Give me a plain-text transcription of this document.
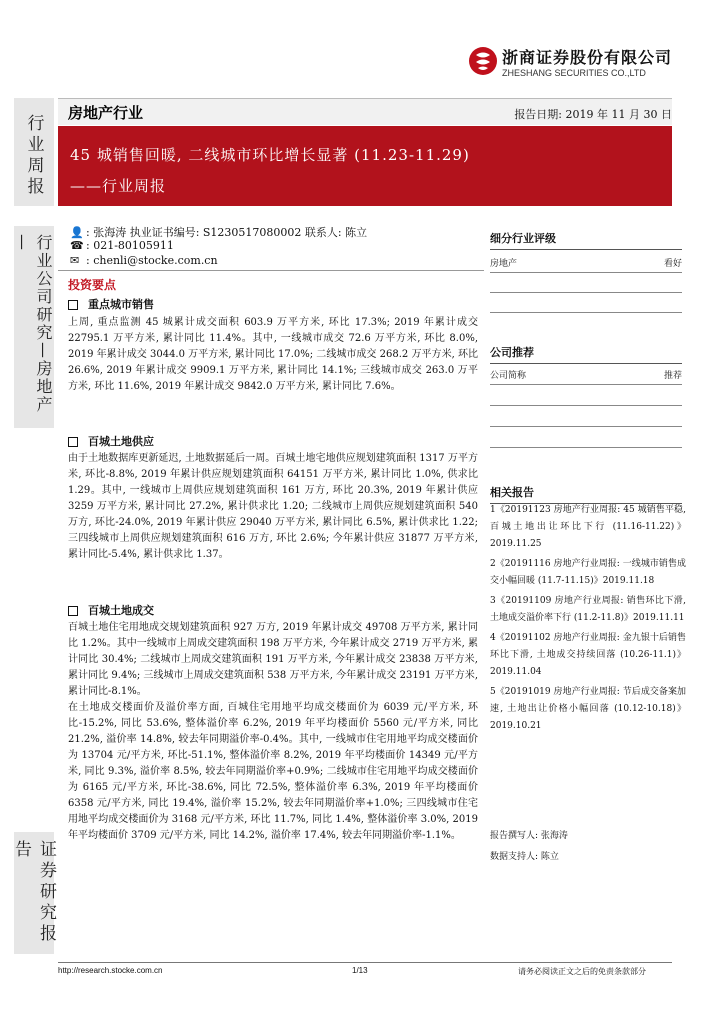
浙商证券股份有限公司
ZHESHANG SECURITIES CO.,LTD
行业周报
行业公司研究—房地产—
证券研究报告
房地产行业	报告日期: 2019 年 11 月 30 日
45 城销售回暖, 二线城市环比增长显著 (11.23-11.29)
——行业周报
👤 : 张海涛 执业证书编号: S1230517080002 联系人: 陈立
☎ : 021-80105911
✉ : chenli@stocke.com.cn
投资要点
重点城市销售

上周, 重点监测 45 城累计成交面积 603.9 万平方米, 环比 17.3%; 2019 年累计成交 22795.1 万平方米, 累计同比 11.4%。其中, 一线城市成交 72.6 万平方米, 环比 8.0%, 2019 年累计成交 3044.0 万平方米, 累计同比 17.0%; 二线城市成交 268.2 万平方米, 环比 26.6%, 2019 年累计成交 9909.1 万平方米, 累计同比 14.1%; 三线城市成交 263.0 万平方米, 环比 11.6%, 2019 年累计成交 9842.0 万平方米, 累计同比 7.6%。

百城土地供应

由于土地数据库更新延迟, 土地数据延后一周。百城土地宅地供应规划建筑面积 1317 万平方米, 环比-8.8%, 2019 年累计供应规划建筑面积 64151 万平方米, 累计同比 1.0%, 供求比 1.29。其中, 一线城市上周供应规划建筑面积 161 万方, 环比 20.3%, 2019 年累计供应 3259 万平方米, 累计同比 27.2%, 累计供求比 1.20; 二线城市上周供应规划建筑面积 540 万方, 环比-24.0%, 2019 年累计供应 29040 万平方米, 累计同比 6.5%, 累计供求比 1.22; 三四线城市上周供应规划建筑面积 616 万方, 环比 2.6%; 今年累计供应 31877 万平方米, 累计同比-5.4%, 累计供求比 1.37。

百城土地成交

百城土地住宅用地成交规划建筑面积 927 万方, 2019 年累计成交 49708 万平方米, 累计同比 1.2%。其中一线城市上周成交建筑面积 198 万平方米, 今年累计成交 2719 万平方米, 累计同比 30.4%; 二线城市上周成交建筑面积 191 万平方米, 今年累计成交 23838 万平方米, 累计同比 9.4%; 三线城市上周成交建筑面积 538 万平方米, 今年累计成交 23191 万平方米, 累计同比-8.1%。

在土地成交楼面价及溢价率方面, 百城住宅用地平均成交楼面价为 6039 元/平方米, 环比-15.2%, 同比 53.6%, 整体溢价率 6.2%, 2019 年平均楼面价 5560 元/平方米, 同比 21.2%, 溢价率 14.8%, 较去年同期溢价率-0.4%。其中, 一线城市住宅用地平均成交楼面价为 13704 元/平方米, 环比-51.1%, 整体溢价率 8.2%, 2019 年平均楼面价 14349 元/平方米, 同比 9.3%, 溢价率 8.5%, 较去年同期溢价率+0.9%; 二线城市住宅用地平均成交楼面价为 6165 元/平方米, 环比-38.6%, 同比 72.5%, 整体溢价率 6.3%, 2019 年平均楼面价 6358 元/平方米, 同比 19.4%, 溢价率 15.2%, 较去年同期溢价率+1.0%; 三四线城市住宅用地平均成交楼面价为 3168 元/平方米, 环比 11.7%, 同比 1.4%, 整体溢价率 3.0%, 2019 年平均楼面价 3709 元/平方米, 同比 14.2%, 溢价率 17.4%, 较去年同期溢价率-1.1%。

细分行业评级
房地产	看好
公司推荐
公司简称	推荐
相关报告

1《20191123 房地产行业周报: 45 城销售平稳, 百城土地出让环比下行 (11.16-11.22)》2019.11.25

2《20191116 房地产行业周报: 一线城市销售成交小幅回暖 (11.7-11.15)》2019.11.18

3《20191109 房地产行业周报: 销售环比下滑, 土地成交溢价率下行 (11.2-11.8)》2019.11.11

4《20191102 房地产行业周报: 金九银十后销售环比下滑, 土地成交持续回落 (10.26-11.1)》2019.11.04

5《20191019 房地产行业周报: 节后成交备案加速, 土地出让价格小幅回落 (10.12-10.18)》2019.10.21

报告撰写人: 张海涛
数据支持人: 陈立
http://research.stocke.com.cn	1/13	请务必阅读正文之后的免责条款部分
